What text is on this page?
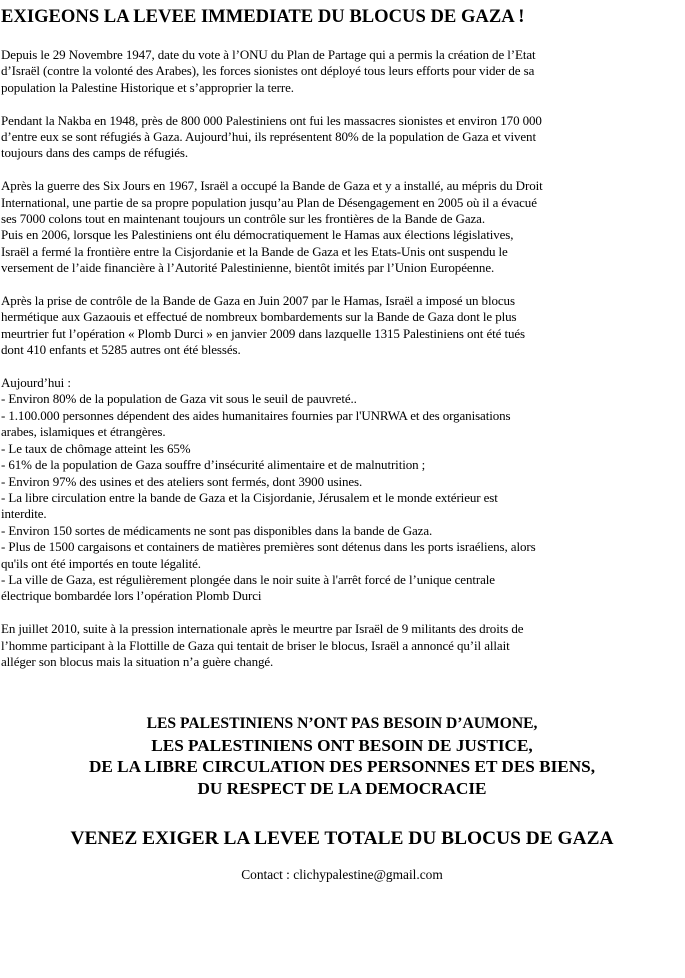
EXIGEONS LA LEVEE IMMEDIATE DU BLOCUS DE GAZA !
Depuis le 29 Novembre 1947, date du vote à l’ONU du Plan de Partage qui a permis la création de l’Etat
d’Israël (contre la volonté des Arabes), les forces sionistes ont déployé tous leurs efforts pour vider de sa
population la Palestine Historique et s’approprier la terre.
Pendant la Nakba en 1948, près de 800 000 Palestiniens ont fui les massacres sionistes et environ 170 000
d’entre eux se sont réfugiés à Gaza. Aujourd’hui, ils représentent 80% de la population de Gaza et vivent
toujours dans des camps de réfugiés.
Après la guerre des Six Jours en 1967, Israël a occupé la Bande de Gaza et y a installé, au mépris du Droit
International, une partie de sa propre population jusqu’au Plan de Désengagement en 2005 où il a évacué
ses 7000 colons tout en maintenant toujours un contrôle sur les frontières de la Bande de Gaza.
Puis en 2006, lorsque les Palestiniens ont élu démocratiquement le Hamas aux élections législatives,
Israël a fermé la frontière entre la Cisjordanie et la Bande de Gaza et les Etats-Unis ont suspendu le
versement de l’aide financière à l’Autorité Palestinienne, bientôt imités par l’Union Européenne.
Après la prise de contrôle de la Bande de Gaza en Juin 2007 par le Hamas, Israël a imposé un blocus
hermétique aux Gazaouis et effectué de nombreux bombardements sur la Bande de Gaza dont le plus
meurtrier fut l’opération « Plomb Durci » en janvier 2009 dans lazquelle 1315 Palestiniens ont été tués
dont 410 enfants et 5285 autres ont été blessés.
Aujourd’hui :
- Environ 80% de la population de Gaza vit sous le seuil de pauvreté..
- 1.100.000 personnes dépendent des aides humanitaires fournies par l'UNRWA et des organisations
arabes, islamiques et étrangères.
- Le taux de chômage atteint les 65%
- 61% de la population de Gaza souffre d’insécurité alimentaire et de malnutrition ;
- Environ 97% des usines et des ateliers sont fermés, dont 3900 usines.
- La libre circulation entre la bande de Gaza et la Cisjordanie, Jérusalem et le monde extérieur est
interdite.
- Environ 150 sortes de médicaments ne sont pas disponibles dans la bande de Gaza.
- Plus de 1500 cargaisons et containers de matières premières sont détenus dans les ports israéliens, alors
qu'ils ont été importés en toute légalité.
- La ville de Gaza, est régulièrement plongée dans le noir suite à l'arrêt forcé de l’unique centrale
électrique bombardée lors l’opération Plomb Durci
En juillet 2010, suite à la pression internationale après le meurtre par Israël de 9 militants des droits de
l’homme participant à la Flottille de Gaza qui tentait de briser le blocus, Israël a annoncé qu’il allait
alléger son blocus mais la situation n’a guère changé.
LES PALESTINIENS N’ONT PAS BESOIN D’AUMONE,
LES PALESTINIENS ONT BESOIN DE JUSTICE,
DE LA LIBRE CIRCULATION DES PERSONNES ET DES BIENS,
DU RESPECT DE LA DEMOCRACIE
VENEZ EXIGER LA LEVEE TOTALE DU BLOCUS DE GAZA
Contact : clichypalestine@gmail.com
